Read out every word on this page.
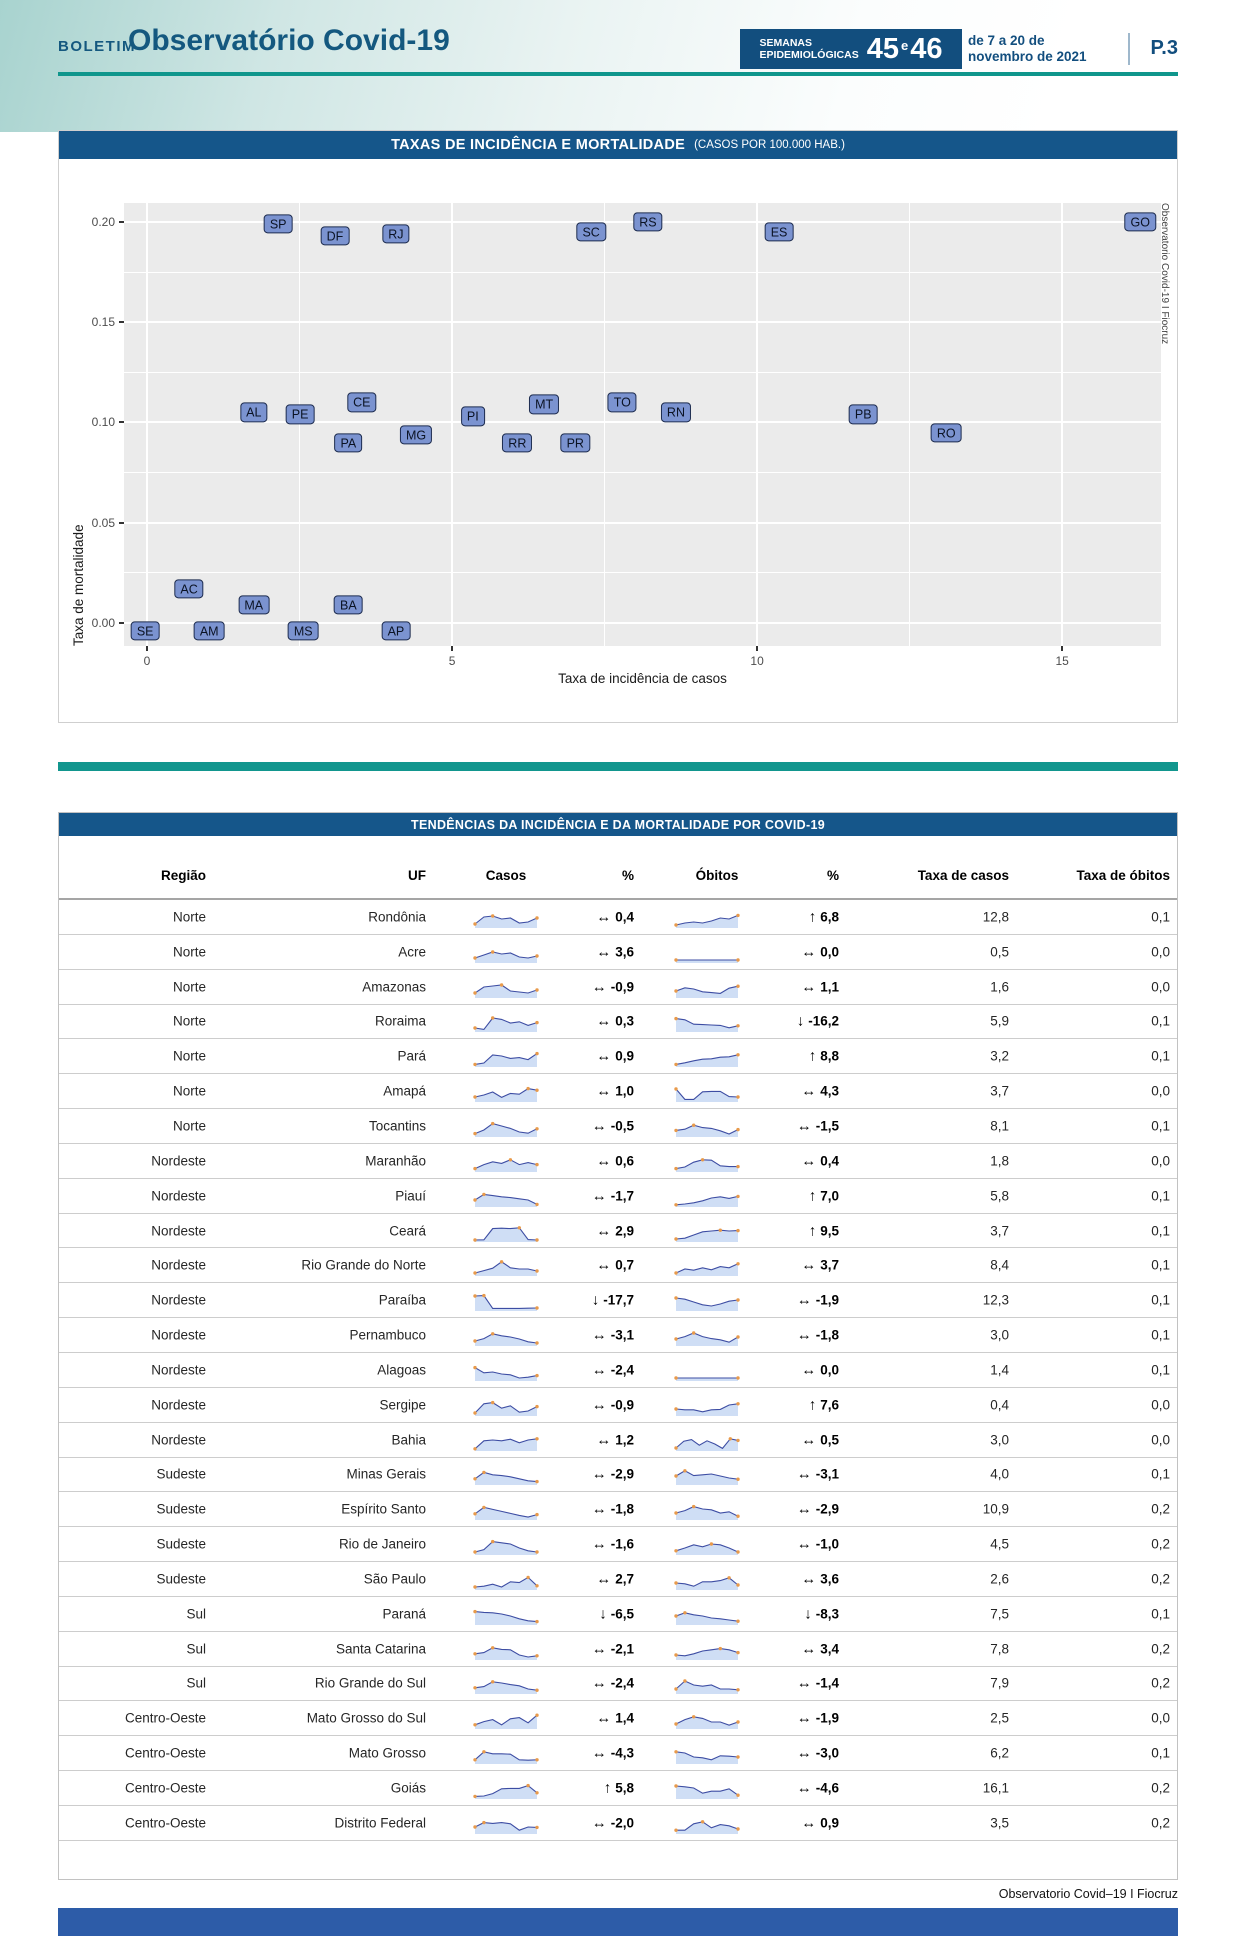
BOLETIM
Observatório Covid-19	SEMANAS
EPIDEMIOLÓGICAS 45 e 46 de 7 a 20 de
novembro de 2021	P.3
TAXAS DE INCIDÊNCIA E MORTALIDADE (CASOS POR 100.000 HAB.)
SP
DF	RJ	SC
RS
ES
GO
AL	PE
CE
PA
MG
PI
MT
RR	PR
TO
RN	PB
RO
AC
MA
AM	MS
BA
AP
SE
0	5	10	15
0.00
0.05
0.10
0.15
0.20
Taxa de incidência de casos
Taxa de mortalidade
Observatorio Covid-19 I Fiocruz
TENDÊNCIAS DA INCIDÊNCIA E DA MORTALIDADE POR COVID-19
Região	UF	Casos	%	Óbitos	%	Taxa de casos	Taxa de óbitos
Norte	Rondônia	↔ 0,4	↑ 6,8	12,8	0,1
Norte	Acre	↔ 3,6	↔ 0,0	0,5	0,0
Norte	Amazonas	↔ -0,9	↔ 1,1	1,6	0,0
Norte	Roraima	↔ 0,3	↓ -16,2	5,9	0,1
Norte	Pará	↔ 0,9	↑ 8,8	3,2	0,1
Norte	Amapá	↔ 1,0	↔ 4,3	3,7	0,0
Norte	Tocantins	↔ -0,5	↔ -1,5	8,1	0,1
Nordeste	Maranhão	↔ 0,6	↔ 0,4	1,8	0,0
Nordeste	Piauí	↔ -1,7	↑ 7,0	5,8	0,1
Nordeste	Ceará	↔ 2,9	↑ 9,5	3,7	0,1
Nordeste	Rio Grande do Norte	↔ 0,7	↔ 3,7	8,4	0,1
Nordeste	Paraíba	↓ -17,7	↔ -1,9	12,3	0,1
Nordeste	Pernambuco	↔ -3,1	↔ -1,8	3,0	0,1
Nordeste	Alagoas	↔ -2,4	↔ 0,0	1,4	0,1
Nordeste	Sergipe	↔ -0,9	↑ 7,6	0,4	0,0
Nordeste	Bahia	↔ 1,2	↔ 0,5	3,0	0,0
Sudeste	Minas Gerais	↔ -2,9	↔ -3,1	4,0	0,1
Sudeste	Espírito Santo	↔ -1,8	↔ -2,9	10,9	0,2
Sudeste	Rio de Janeiro	↔ -1,6	↔ -1,0	4,5	0,2
Sudeste	São Paulo	↔ 2,7	↔ 3,6	2,6	0,2
Sul	Paraná	↓ -6,5	↓ -8,3	7,5	0,1
Sul	Santa Catarina	↔ -2,1	↔ 3,4	7,8	0,2
Sul	Rio Grande do Sul	↔ -2,4	↔ -1,4	7,9	0,2
Centro-Oeste	Mato Grosso do Sul	↔ 1,4	↔ -1,9	2,5	0,0
Centro-Oeste	Mato Grosso	↔ -4,3	↔ -3,0	6,2	0,1
Centro-Oeste	Goiás	↑ 5,8	↔ -4,6	16,1	0,2
Centro-Oeste	Distrito Federal	↔ -2,0	↔ 0,9	3,5	0,2
Observatorio Covid–19 I Fiocruz
